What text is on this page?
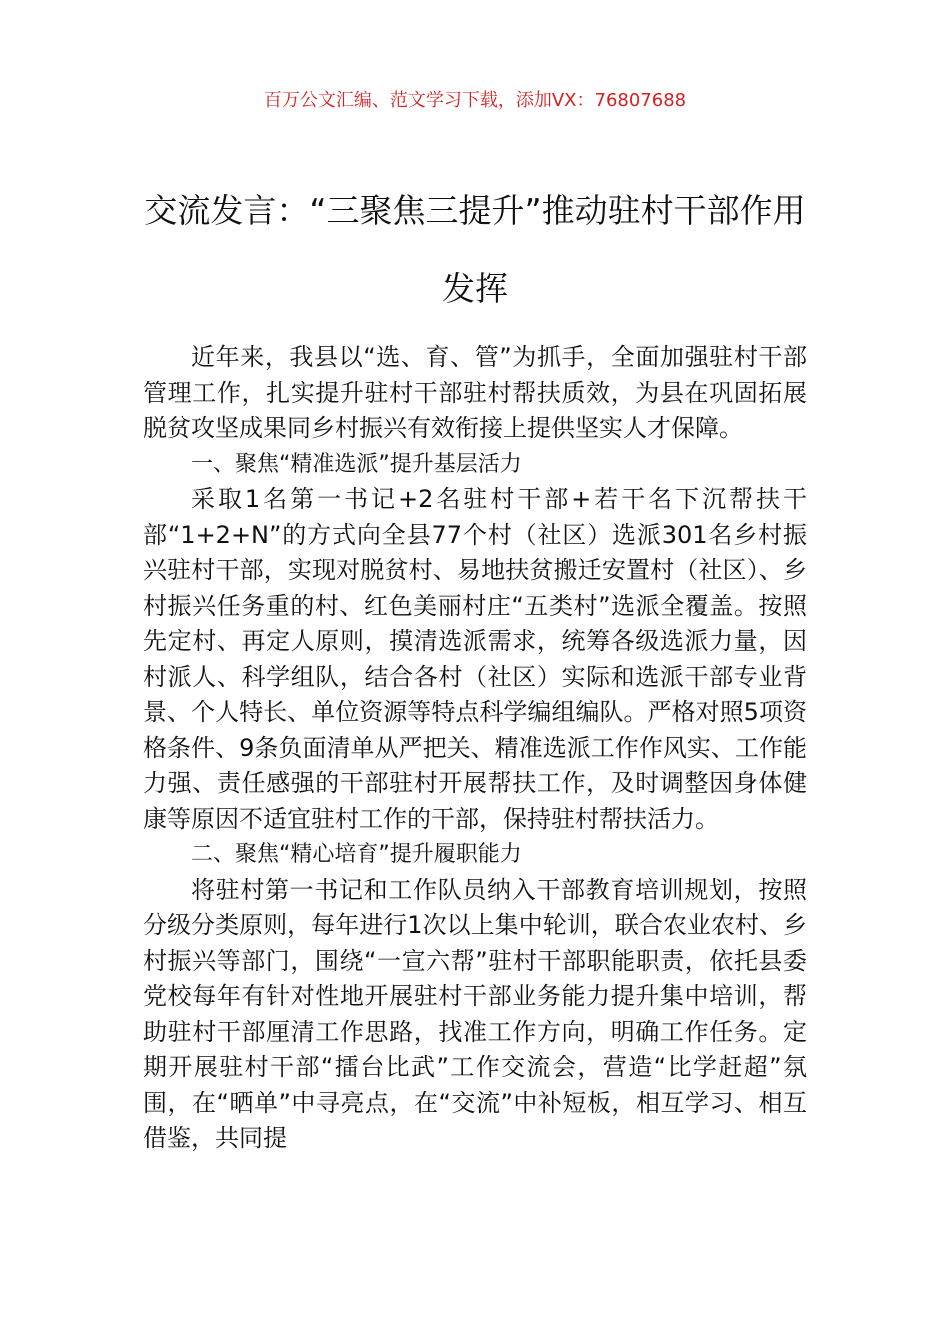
百万公文汇编、范文学习下载，添加VX：76807688
交流发言：“三聚焦三提升”推动驻村干部作用发挥

近年来，我县以“选、育、管”为抓手，全面加强驻村干部管理工作，扎实提升驻村干部驻村帮扶质效，为县在巩固拓展脱贫攻坚成果同乡村振兴有效衔接上提供坚实人才保障。

一、聚焦“精准选派”提升基层活力

采取1名第一书记+2名驻村干部+若干名下沉帮扶干部“1+2+N”的方式向全县77个村（社区）选派301名乡村振兴驻村干部，实现对脱贫村、易地扶贫搬迁安置村（社区）、乡村振兴任务重的村、红色美丽村庄“五类村”选派全覆盖。按照先定村、再定人原则，摸清选派需求，统筹各级选派力量，因村派人、科学组队，结合各村（社区）实际和选派干部专业背景、个人特长、单位资源等特点科学编组编队。严格对照5项资格条件、9条负面清单从严把关、精准选派工作作风实、工作能力强、责任感强的干部驻村开展帮扶工作，及时调整因身体健康等原因不适宜驻村工作的干部，保持驻村帮扶活力。

二、聚焦“精心培育”提升履职能力

将驻村第一书记和工作队员纳入干部教育培训规划，按照分级分类原则，每年进行1次以上集中轮训，联合农业农村、乡村振兴等部门，围绕“一宣六帮”驻村干部职能职责，依托县委党校每年有针对性地开展驻村干部业务能力提升集中培训，帮助驻村干部厘清工作思路，找准工作方向，明确工作任务。定期开展驻村干部“擂台比武”工作交流会，营造“比学赶超”氛围，在“晒单”中寻亮点，在“交流”中补短板，相互学习、相互借鉴，共同提
